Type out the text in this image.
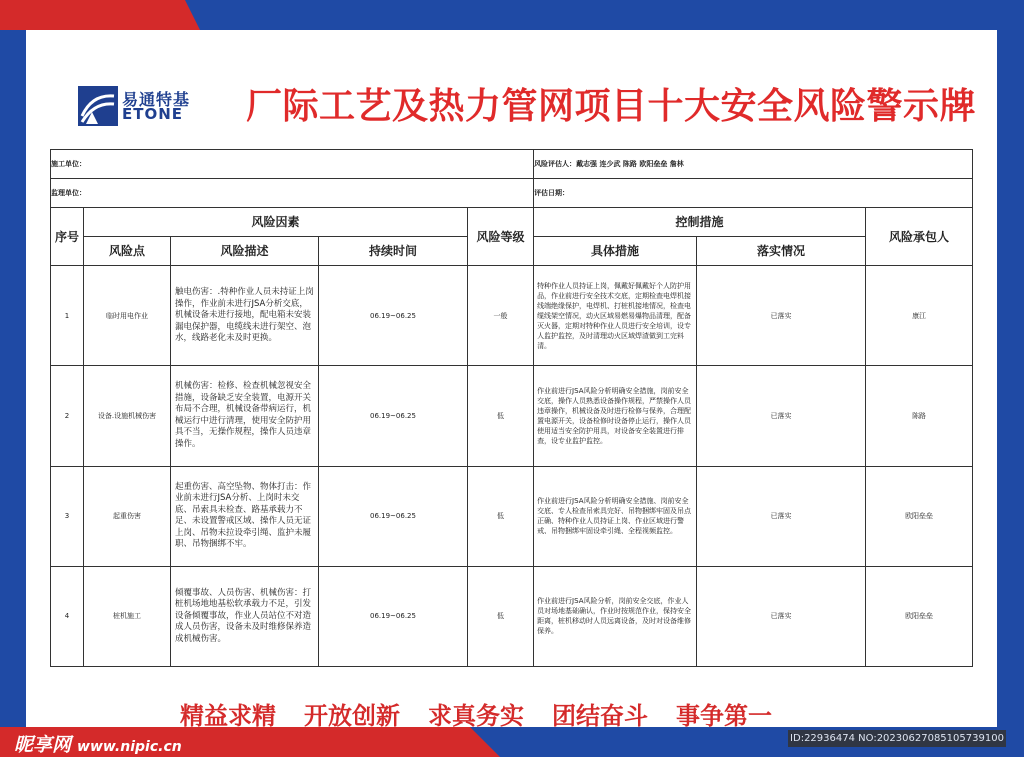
易通特基
ETONE 厂际工艺及热力管网项目十大安全风险警示牌
施工单位：					风险评估人：戴志强 连少武 陈路 欧阳垒垒 詹林		
监理单位：					评估日期：		
序号	风险因素			风险等级	控制措施		风险承包人
	风险点	风险描述	持续时间		具体措施	落实情况	
1	临时用电作业	触电伤害：.特种作业人员未持证上岗操作，作业前未进行JSA分析交底，机械设备未进行接地，配电箱未安装漏电保护器，电缆线未进行架空、泡水，线路老化未及时更换。	06.19~06.25	一般	特种作业人员持证上岗，佩戴好佩戴好个人防护用品，作业前进行安全技术交底，定期检查电焊机接线端绝缘保护，电焊机、打桩机接地情况，检查电缆线架空情况，动火区域易燃易爆物品清理，配备灭火器，定期对特种作业人员进行安全培训，设专人监护监控，及时清理动火区域焊渣做到工完料清。	已落实	康江
2	设备.设施机械伤害	机械伤害：检修、检查机械忽视安全措施，设备缺乏安全装置，电源开关布局不合理，机械设备带病运行，机械运行中进行清理，使用安全防护用具不当，无操作规程，操作人员违章操作。	06.19~06.25	低	作业前进行JSA风险分析明确安全措施，岗前安全交底，操作人员熟悉设备操作规程，严禁操作人员违章操作，机械设备及时进行检修与保养，合理配置电源开关，设备检修时设备停止运行，操作人员使用适当安全防护用具，对设备安全装置进行排查，设专业监护监控。	已落实	陈路
3	起重伤害	起重伤害、高空坠物、物体打击：作业前未进行JSA分析、上岗时未交底、吊索具未检查、路基承载力不足、未设置警戒区域、操作人员无证上岗、吊物未拉设牵引绳、监护未履职、吊物捆绑不牢。	06.19~06.25	低	作业前进行JSA风险分析明确安全措施、岗前安全交底、专人检查吊索具完好、吊物捆绑牢固及吊点正确、特种作业人员持证上岗、作业区域进行警戒、吊物捆绑牢固设牵引绳、全程视频监控。	已落实	欧阳垒垒
4	桩机施工	倾覆事故、人员伤害、机械伤害：打桩机场地地基松软承载力不足，引发设备倾覆事故，作业人员站位不对造成人员伤害，设备未及时维修保养造成机械伤害。	06.19~06.25	低	作业前进行JSA风险分析，岗前安全交底，作业人员对场地基础确认，作业时按规范作业，保持安全距离，桩机移动时人员远离设备，及时对设备维修保养。	已落实	欧阳垒垒
精益求精 开放创新 求真务实 团结奋斗 事争第一
昵享网 www.nipic.cn
ID:22936474 NO:20230627085105739100
